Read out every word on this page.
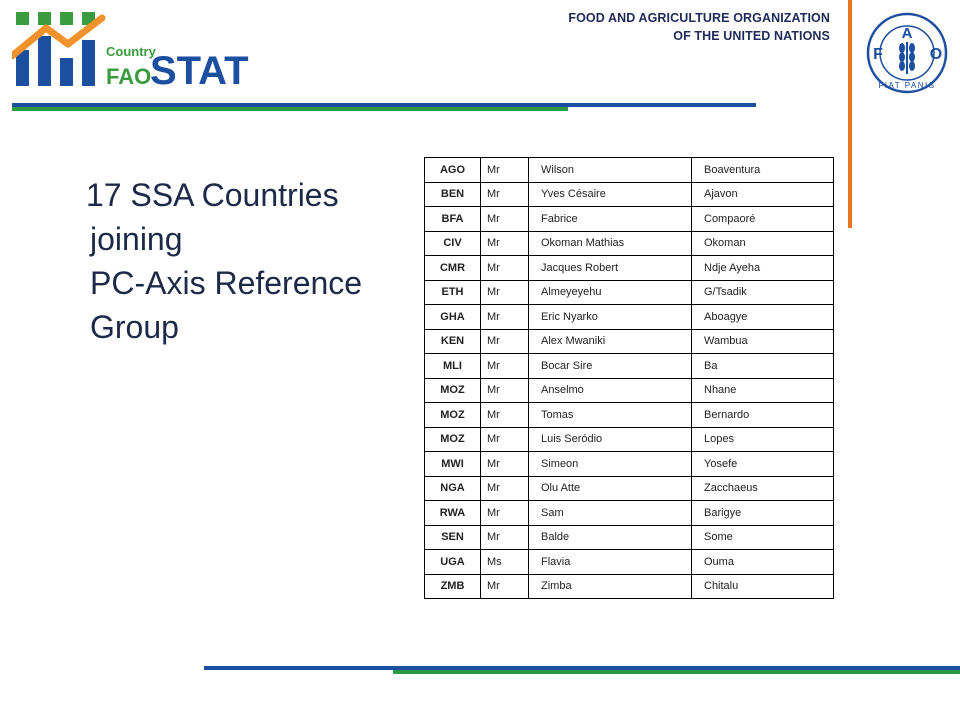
Country
FAO
STAT
FOOD AND AGRICULTURE ORGANIZATION
OF THE UNITED NATIONS	A
F	O
FIAT PANIS
17 SSA Countries
joining
PC-Axis Reference
Group
AGO	Mr	Wilson	Boaventura
BEN	Mr	Yves Césaire	Ajavon
BFA	Mr	Fabrice	Compaoré
CIV	Mr	Okoman Mathias	Okoman
CMR	Mr	Jacques Robert	Ndje Ayeha
ETH	Mr	Almeyeyehu	G/Tsadik
GHA	Mr	Eric Nyarko	Aboagye
KEN	Mr	Alex Mwaniki	Wambua
MLI	Mr	Bocar Sire	Ba
MOZ	Mr	Anselmo	Nhane
MOZ	Mr	Tomas	Bernardo
MOZ	Mr	Luis Seródio	Lopes
MWI	Mr	Simeon	Yosefe
NGA	Mr	Olu Atte	Zacchaeus
RWA	Mr	Sam	Barigye
SEN	Mr	Balde	Some
UGA	Ms	Flavia	Ouma
ZMB	Mr	Zimba	Chitalu
